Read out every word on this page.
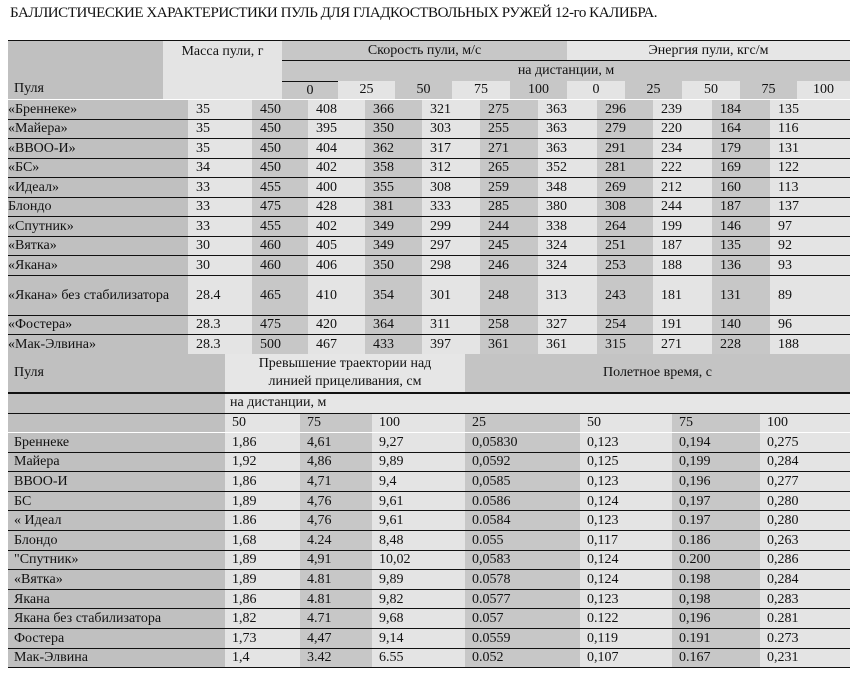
БАЛЛИСТИЧЕСКИЕ ХАРАКТЕРИСТИКИ ПУЛЬ ДЛЯ ГЛАДКОСТВОЛЬНЫХ РУЖЕЙ 12-го КАЛИБРА.
Пуля
Масса пули, г	Скорость пули, м/с	Энергия пули, кгс/м
на дистанции, м
0	25	50	75	100	0	25	50	75	100
«Бреннеке»	35	450	408	366	321	275	363	296	239	184	135
«Майера»	35	450	395	350	303	255	363	279	220	164	116
«ВВОО-И»	35	450	404	362	317	271	363	291	234	179	131
«БС»	34	450	402	358	312	265	352	281	222	169	122
«Идеал»	33	455	400	355	308	259	348	269	212	160	113
Блондо	33	475	428	381	333	285	380	308	244	187	137
«Спутник»	33	455	402	349	299	244	338	264	199	146	97
«Вятка»	30	460	405	349	297	245	324	251	187	135	92
«Якана»	30	460	406	350	298	246	324	253	188	136	93
«Якана» без стабилизатора	28.4	465	410	354	301	248	313	243	181	131	89
«Фостера»	28.3	475	420	364	311	258	327	254	191	140	96
«Мак-Элвина»	28.3	500	467	433	397	361	361	315	271	228	188
Пуля
Превышение траектории над линией прицеливания, см
Полетное время, с
на дистанции, м
50	75	100	25	50	75	100
Бреннеке	1,86	4,61	9,27	0,05830	0,123	0,194	0,275
Майера	1,92	4,86	9,89	0,0592	0,125	0,199	0,284
ВВОО-И	1,86	4,71	9,4	0,0585	0,123	0,196	0,277
БС	1,89	4,76	9,61	0.0586	0,124	0,197	0,280
« Идеал	1.86	4,76	9,61	0.0584	0,123	0.197	0,280
Блондо	1,68	4.24	8,48	0.055	0,117	0.186	0,263
"Спутник»	1,89	4,91	10,02	0,0583	0,124	0.200	0,286
«Вятка»	1,89	4.81	9,89	0.0578	0,124	0.198	0,284
Якана	1,86	4.81	9,82	0.0577	0,123	0,198	0,283
Якана без стабилизатора	1,82	4.71	9,68	0.057	0.122	0,196	0.281
Фостера	1,73	4,47	9,14	0.0559	0,119	0.191	0.273
Мак-Элвина	1,4	3.42	6.55	0.052	0,107	0.167	0,231
